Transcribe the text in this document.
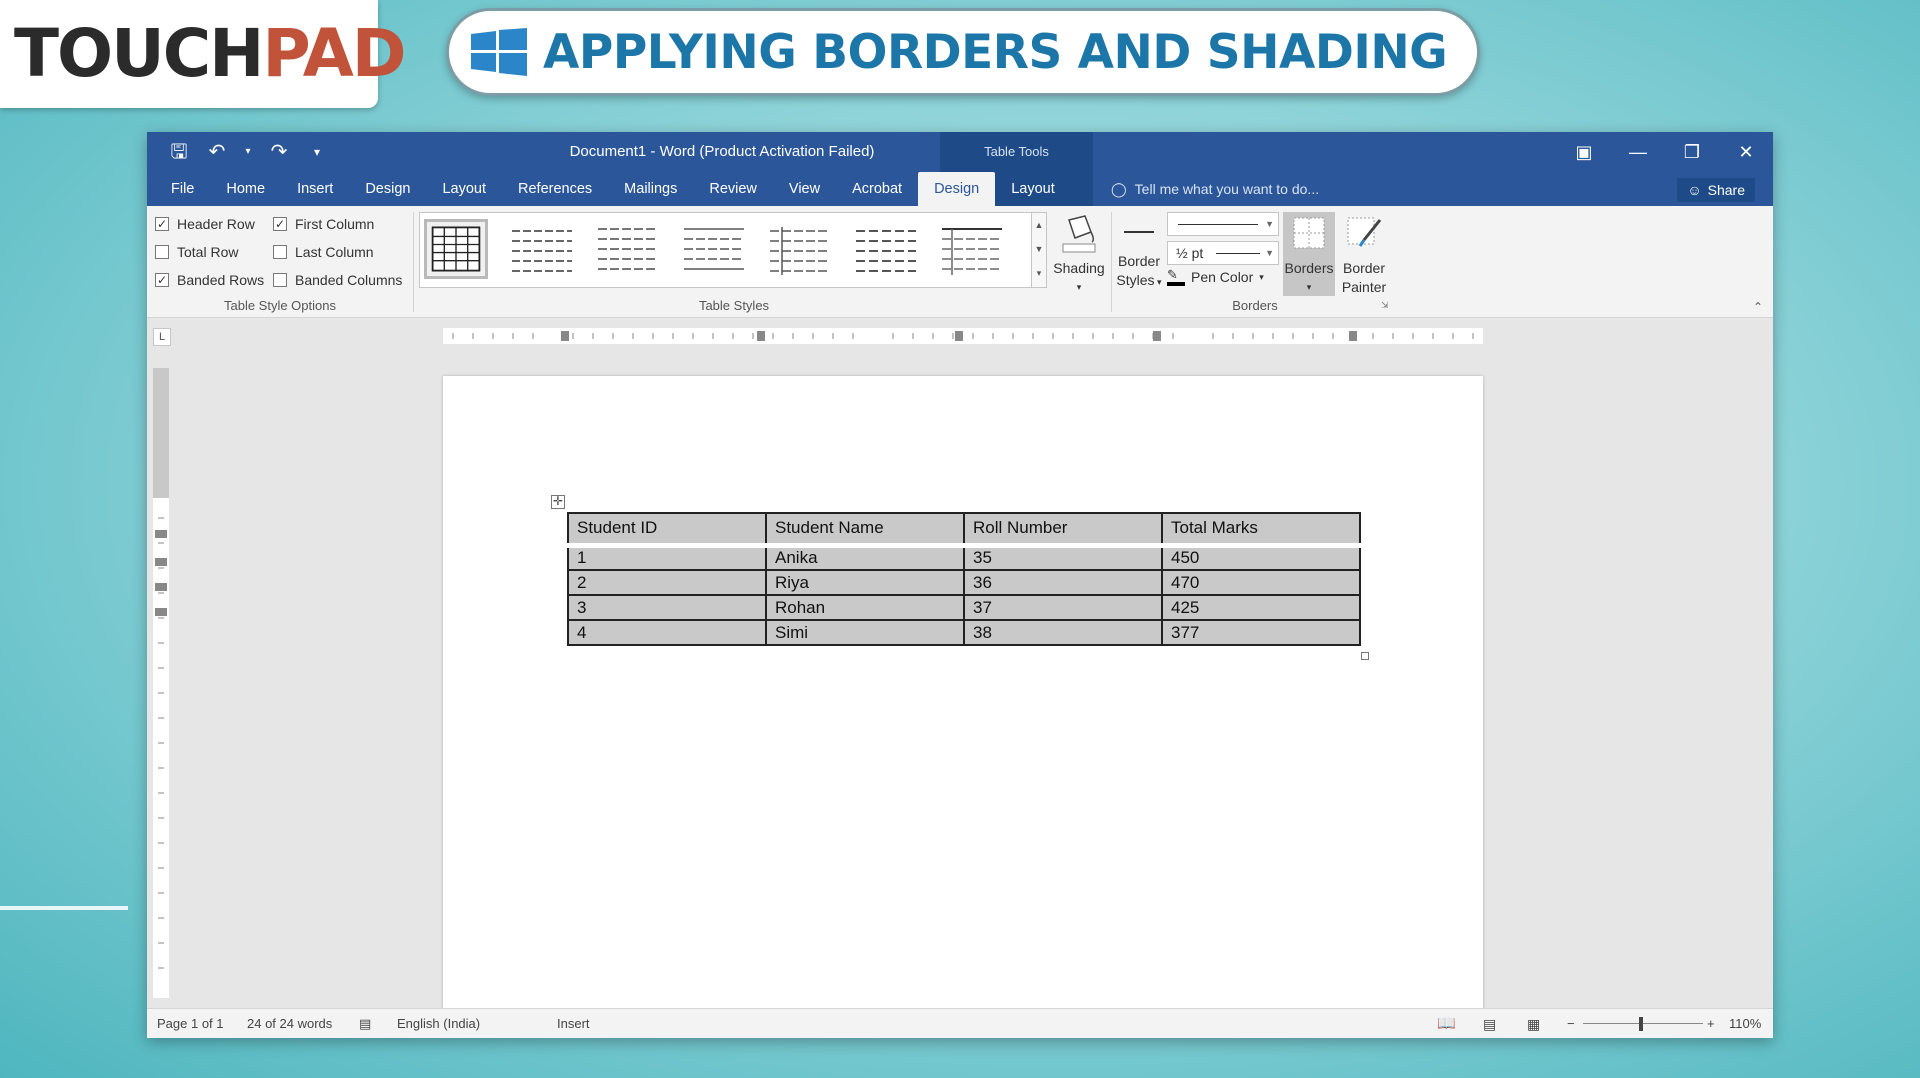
TOUCH PAD	APPLYING BORDERS AND SHADING
Table Tools
🖫 ↶	▾ ↷	▾	Document1 - Word (Product Activation Failed)	▣	—	❐	✕
File	Home	Insert	Design	Layout	References	Mailings	Review	View	Acrobat	Design	Layout	◯ Tell me what you want to do...	☺ Share
✓ Header Row
Total Row
✓ Banded Rows
✓ First Column
Last Column
Banded Columns
Table Style Options
▲
▼
▾
Table Styles
Shading
▾
Border
Styles ▾
▼
½ pt	▼
✎ Pen Color ▾
Borders
▾
Border
Painter
Borders	⇲	⌃
L
✛
Student ID	Student Name	Roll Number	Total Marks
1	Anika	35	450
2	Riya	36	470
3	Rohan	37	425
4	Simi	38	377
Page 1 of 1 24 of 24 words ▤ English (India)	Insert	📖 ▤ ▦ −	+ 110%
